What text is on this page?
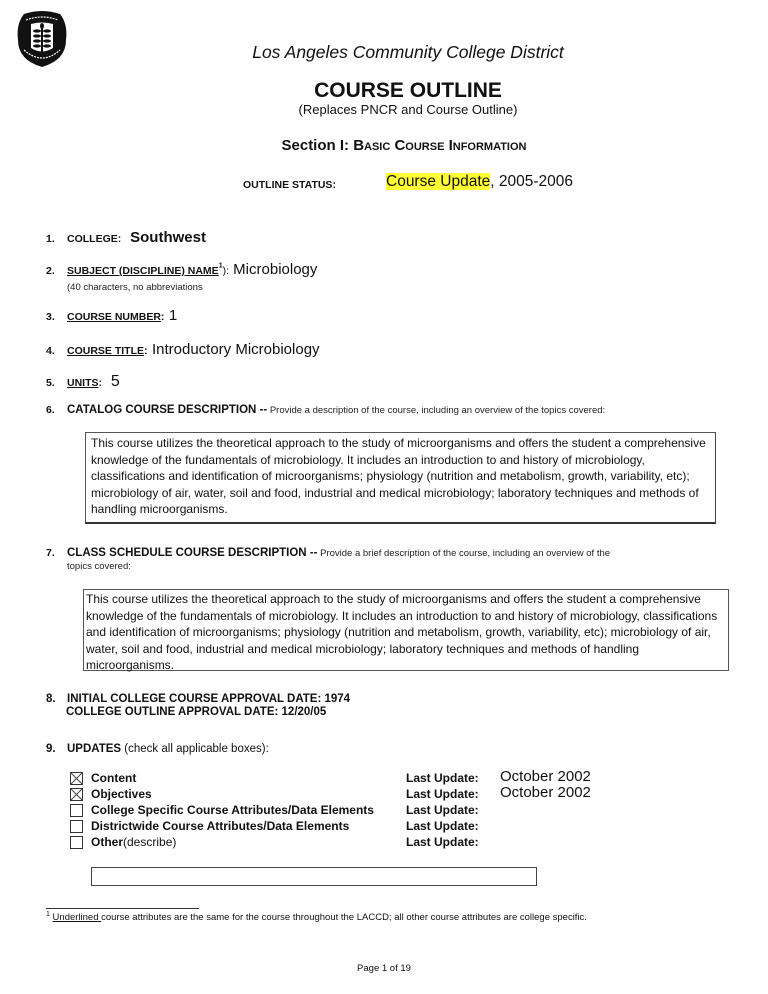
Los Angeles Community College District
COURSE OUTLINE
(Replaces PNCR and Course Outline)
Section I: Basic Course Information
OUTLINE STATUS:	Course Update, 2005-2006
1. COLLEGE: Southwest
2. SUBJECT (DISCIPLINE) NAME$^1$): Microbiology
(40 characters, no abbreviations
3. COURSE NUMBER: 1
4. COURSE TITLE: Introductory Microbiology
5. UNITS: 5
6. CATALOG COURSE DESCRIPTION -- Provide a description of the course, including an overview of the topics covered:
This course utilizes the theoretical approach to the study of microorganisms and offers the student a comprehensive knowledge of the fundamentals of microbiology. It includes an introduction to and history of microbiology, classifications and identification of microorganisms; physiology (nutrition and metabolism, growth, variability, etc); microbiology of air, water, soil and food, industrial and medical microbiology; laboratory techniques and methods of handling microorganisms.
7. CLASS SCHEDULE COURSE DESCRIPTION -- Provide a brief description of the course, including an overview of the
topics covered:
This course utilizes the theoretical approach to the study of microorganisms and offers the student a comprehensive knowledge of the fundamentals of microbiology. It includes an introduction to and history of microbiology, classifications and identification of microorganisms; physiology (nutrition and metabolism, growth, variability, etc); microbiology of air, water, soil and food, industrial and medical microbiology; laboratory techniques and methods of handling microorganisms.
8. INITIAL COLLEGE COURSE APPROVAL DATE: 1974
COLLEGE OUTLINE APPROVAL DATE: 12/20/05
9. UPDATES (check all applicable boxes):
Content
Objectives
College Specific Course Attributes/Data Elements
Districtwide Course Attributes/Data Elements
Other (describe)
Last Update:
Last Update:
Last Update:
Last Update:
Last Update:
October 2002
October 2002
$^1$ Underlined course attributes are the same for the course throughout the LACCD; all other course attributes are college specific.
Page 1 of 19
